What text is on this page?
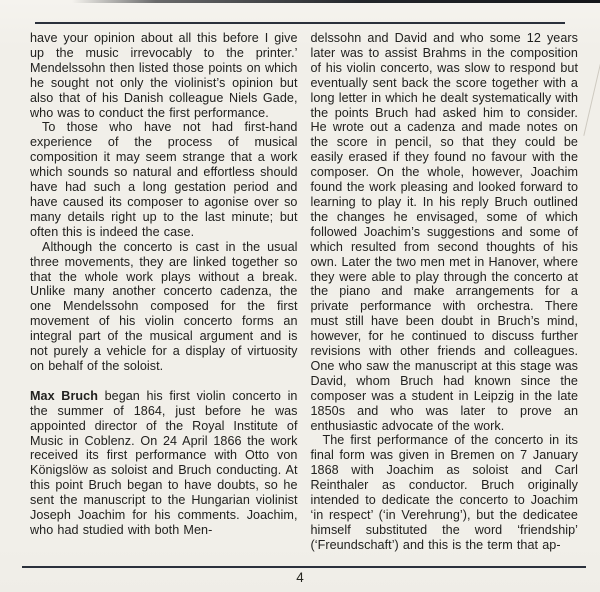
have your opinion about all this before I give up the music irrevocably to the printer.’ Mendelssohn then listed those points on which he sought not only the violinist’s opinion but also that of his Danish colleague Niels Gade, who was to conduct the first performance.

To those who have not had first-hand experience of the process of musical composition it may seem strange that a work which sounds so natural and effortless should have had such a long gestation period and have caused its composer to agonise over so many details right up to the last minute; but often this is indeed the case.

Although the concerto is cast in the usual three movements, they are linked together so that the whole work plays without a break. Unlike many another concerto cadenza, the one Mendelssohn composed for the first movement of his violin concerto forms an integral part of the musical argument and is not purely a vehicle for a display of virtuosity on behalf of the soloist.

Max Bruch began his first violin concerto in the summer of 1864, just before he was appointed director of the Royal Institute of Music in Coblenz. On 24 April 1866 the work received its first performance with Otto von Königslöw as soloist and Bruch conducting. At this point Bruch began to have doubts, so he sent the manuscript to the Hungarian violinist Joseph Joachim for his comments. Joachim, who had studied with both Men-

delssohn and David and who some 12 years later was to assist Brahms in the composition of his violin concerto, was slow to respond but eventually sent back the score together with a long letter in which he dealt systematically with the points Bruch had asked him to consider. He wrote out a cadenza and made notes on the score in pencil, so that they could be easily erased if they found no favour with the composer. On the whole, however, Joachim found the work pleasing and looked forward to learning to play it. In his reply Bruch outlined the changes he envisaged, some of which followed Joachim’s suggestions and some of which resulted from second thoughts of his own. Later the two men met in Hanover, where they were able to play through the concerto at the piano and make arrangements for a private performance with orchestra. There must still have been doubt in Bruch’s mind, however, for he continued to discuss further revisions with other friends and colleagues. One who saw the manuscript at this stage was David, whom Bruch had known since the composer was a student in Leipzig in the late 1850s and who was later to prove an enthusiastic advocate of the work.

The first performance of the concerto in its final form was given in Bremen on 7 January 1868 with Joachim as soloist and Carl Reinthaler as conductor. Bruch originally intended to dedicate the concerto to Joachim ‘in respect’ (‘in Verehrung’), but the dedicatee himself substituted the word ‘friendship’ (‘Freundschaft’) and this is the term that ap-

4
